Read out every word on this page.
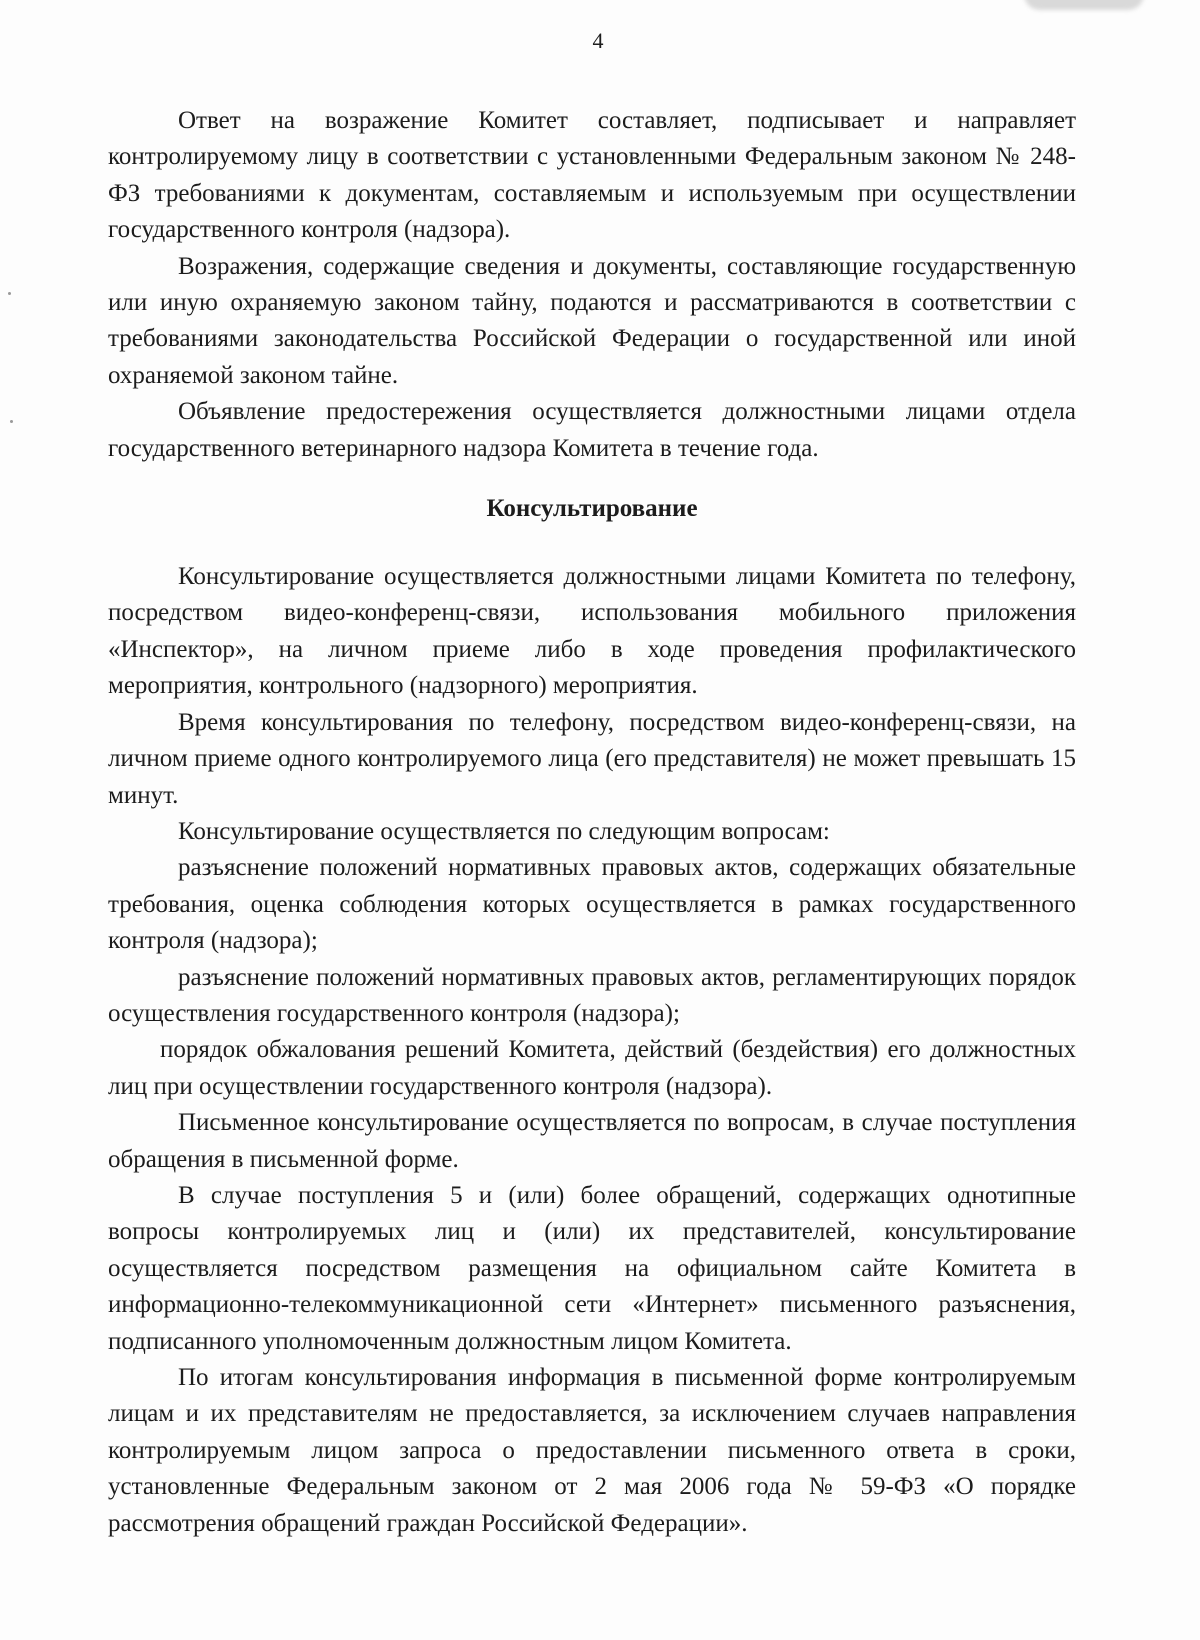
4

Ответ на возражение Комитет составляет, подписывает и направляет контролируемому лицу в соответствии с установленными Федеральным законом № 248-ФЗ требованиями к документам, составляемым и используемым при осуществлении государственного контроля (надзора).

Возражения, содержащие сведения и документы, составляющие государственную или иную охраняемую законом тайну, подаются и рассматриваются в соответствии с требованиями законодательства Российской Федерации о государственной или иной охраняемой законом тайне.

Объявление предостережения осуществляется должностными лицами отдела государственного ветеринарного надзора Комитета в течение года.

Консультирование

Консультирование осуществляется должностными лицами Комитета по телефону, посредством видео-конференц-связи, использования мобильного приложения «Инспектор», на личном приеме либо в ходе проведения профилактического мероприятия, контрольного (надзорного) мероприятия.

Время консультирования по телефону, посредством видео-конференц-связи, на личном приеме одного контролируемого лица (его представителя) не может превышать 15 минут.

Консультирование осуществляется по следующим вопросам:

разъяснение положений нормативных правовых актов, содержащих обязательные требования, оценка соблюдения которых осуществляется в рамках государственного контроля (надзора);

разъяснение положений нормативных правовых актов, регламентирующих порядок осуществления государственного контроля (надзора);

порядок обжалования решений Комитета, действий (бездействия) его должностных лиц при осуществлении государственного контроля (надзора).

Письменное консультирование осуществляется по вопросам, в случае поступления обращения в письменной форме.

В случае поступления 5 и (или) более обращений, содержащих однотипные вопросы контролируемых лиц и (или) их представителей, консультирование осуществляется посредством размещения на официальном сайте Комитета в информационно-телекоммуникационной сети «Интернет» письменного разъяснения, подписанного уполномоченным должностным лицом Комитета.

По итогам консультирования информация в письменной форме контролируемым лицам и их представителям не предоставляется, за исключением случаев направления контролируемым лицом запроса о предоставлении письменного ответа в сроки, установленные Федеральным законом от 2 мая 2006 года № 59-ФЗ «О порядке рассмотрения обращений граждан Российской Федерации».
